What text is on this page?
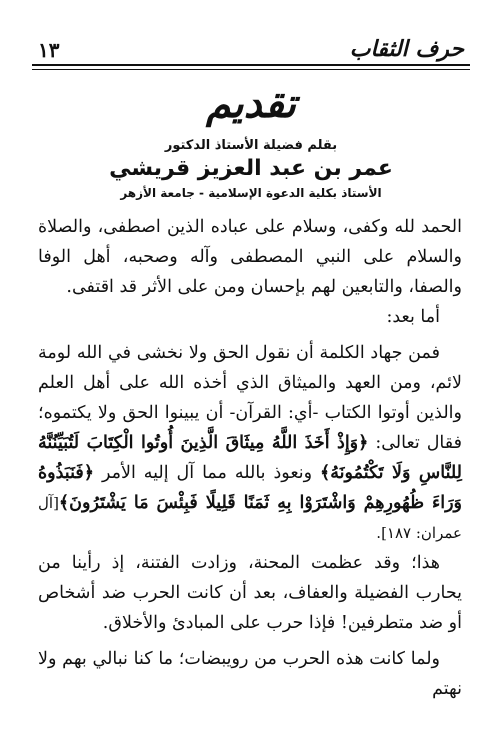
حرف الثقاب
١٣
تقديم
بقلم فضيلة الأستاذ الدكتور
عمر بن عبد العزيز قريشي
الأستاذ بكلية الدعوة الإسلامية - جامعة الأزهر

الحمد لله وكفى، وسلام على عباده الذين اصطفى، والصلاة والسلام على النبي المصطفى وآله وصحبه، أهل الوفا والصفا، والتابعين لهم بإحسان ومن على الأثر قد اقتفى.

أما بعد:

فمن جهاد الكلمة أن نقول الحق ولا نخشى في الله لومة لائم، ومن العهد والميثاق الذي أخذه الله على أهل العلم والذين أوتوا الكتاب -أي: القرآن- أن يبينوا الحق ولا يكتموه؛ فقال تعالى: ﴿وَإِذْ أَخَذَ اللَّهُ مِيثَاقَ الَّذِينَ أُوتُوا الْكِتَابَ لَتُبَيِّنُنَّهُ لِلنَّاسِ وَلَا تَكْتُمُونَهُ﴾ ونعوذ بالله مما آل إليه الأمر ﴿فَنَبَذُوهُ وَرَاءَ ظُهُورِهِمْ وَاشْتَرَوْا بِهِ ثَمَنًا قَلِيلًا فَبِئْسَ مَا يَشْتَرُونَ﴾[آل عمران: ١٨٧].

هذا؛ وقد عظمت المحنة، وزادت الفتنة، إذ رأينا من يحارب الفضيلة والعفاف، بعد أن كانت الحرب ضد أشخاص أو ضد متطرفين! فإذا حرب على المبادئ والأخلاق.

ولما كانت هذه الحرب من رويبضات؛ ما كنا نبالي بهم ولا نهتم
